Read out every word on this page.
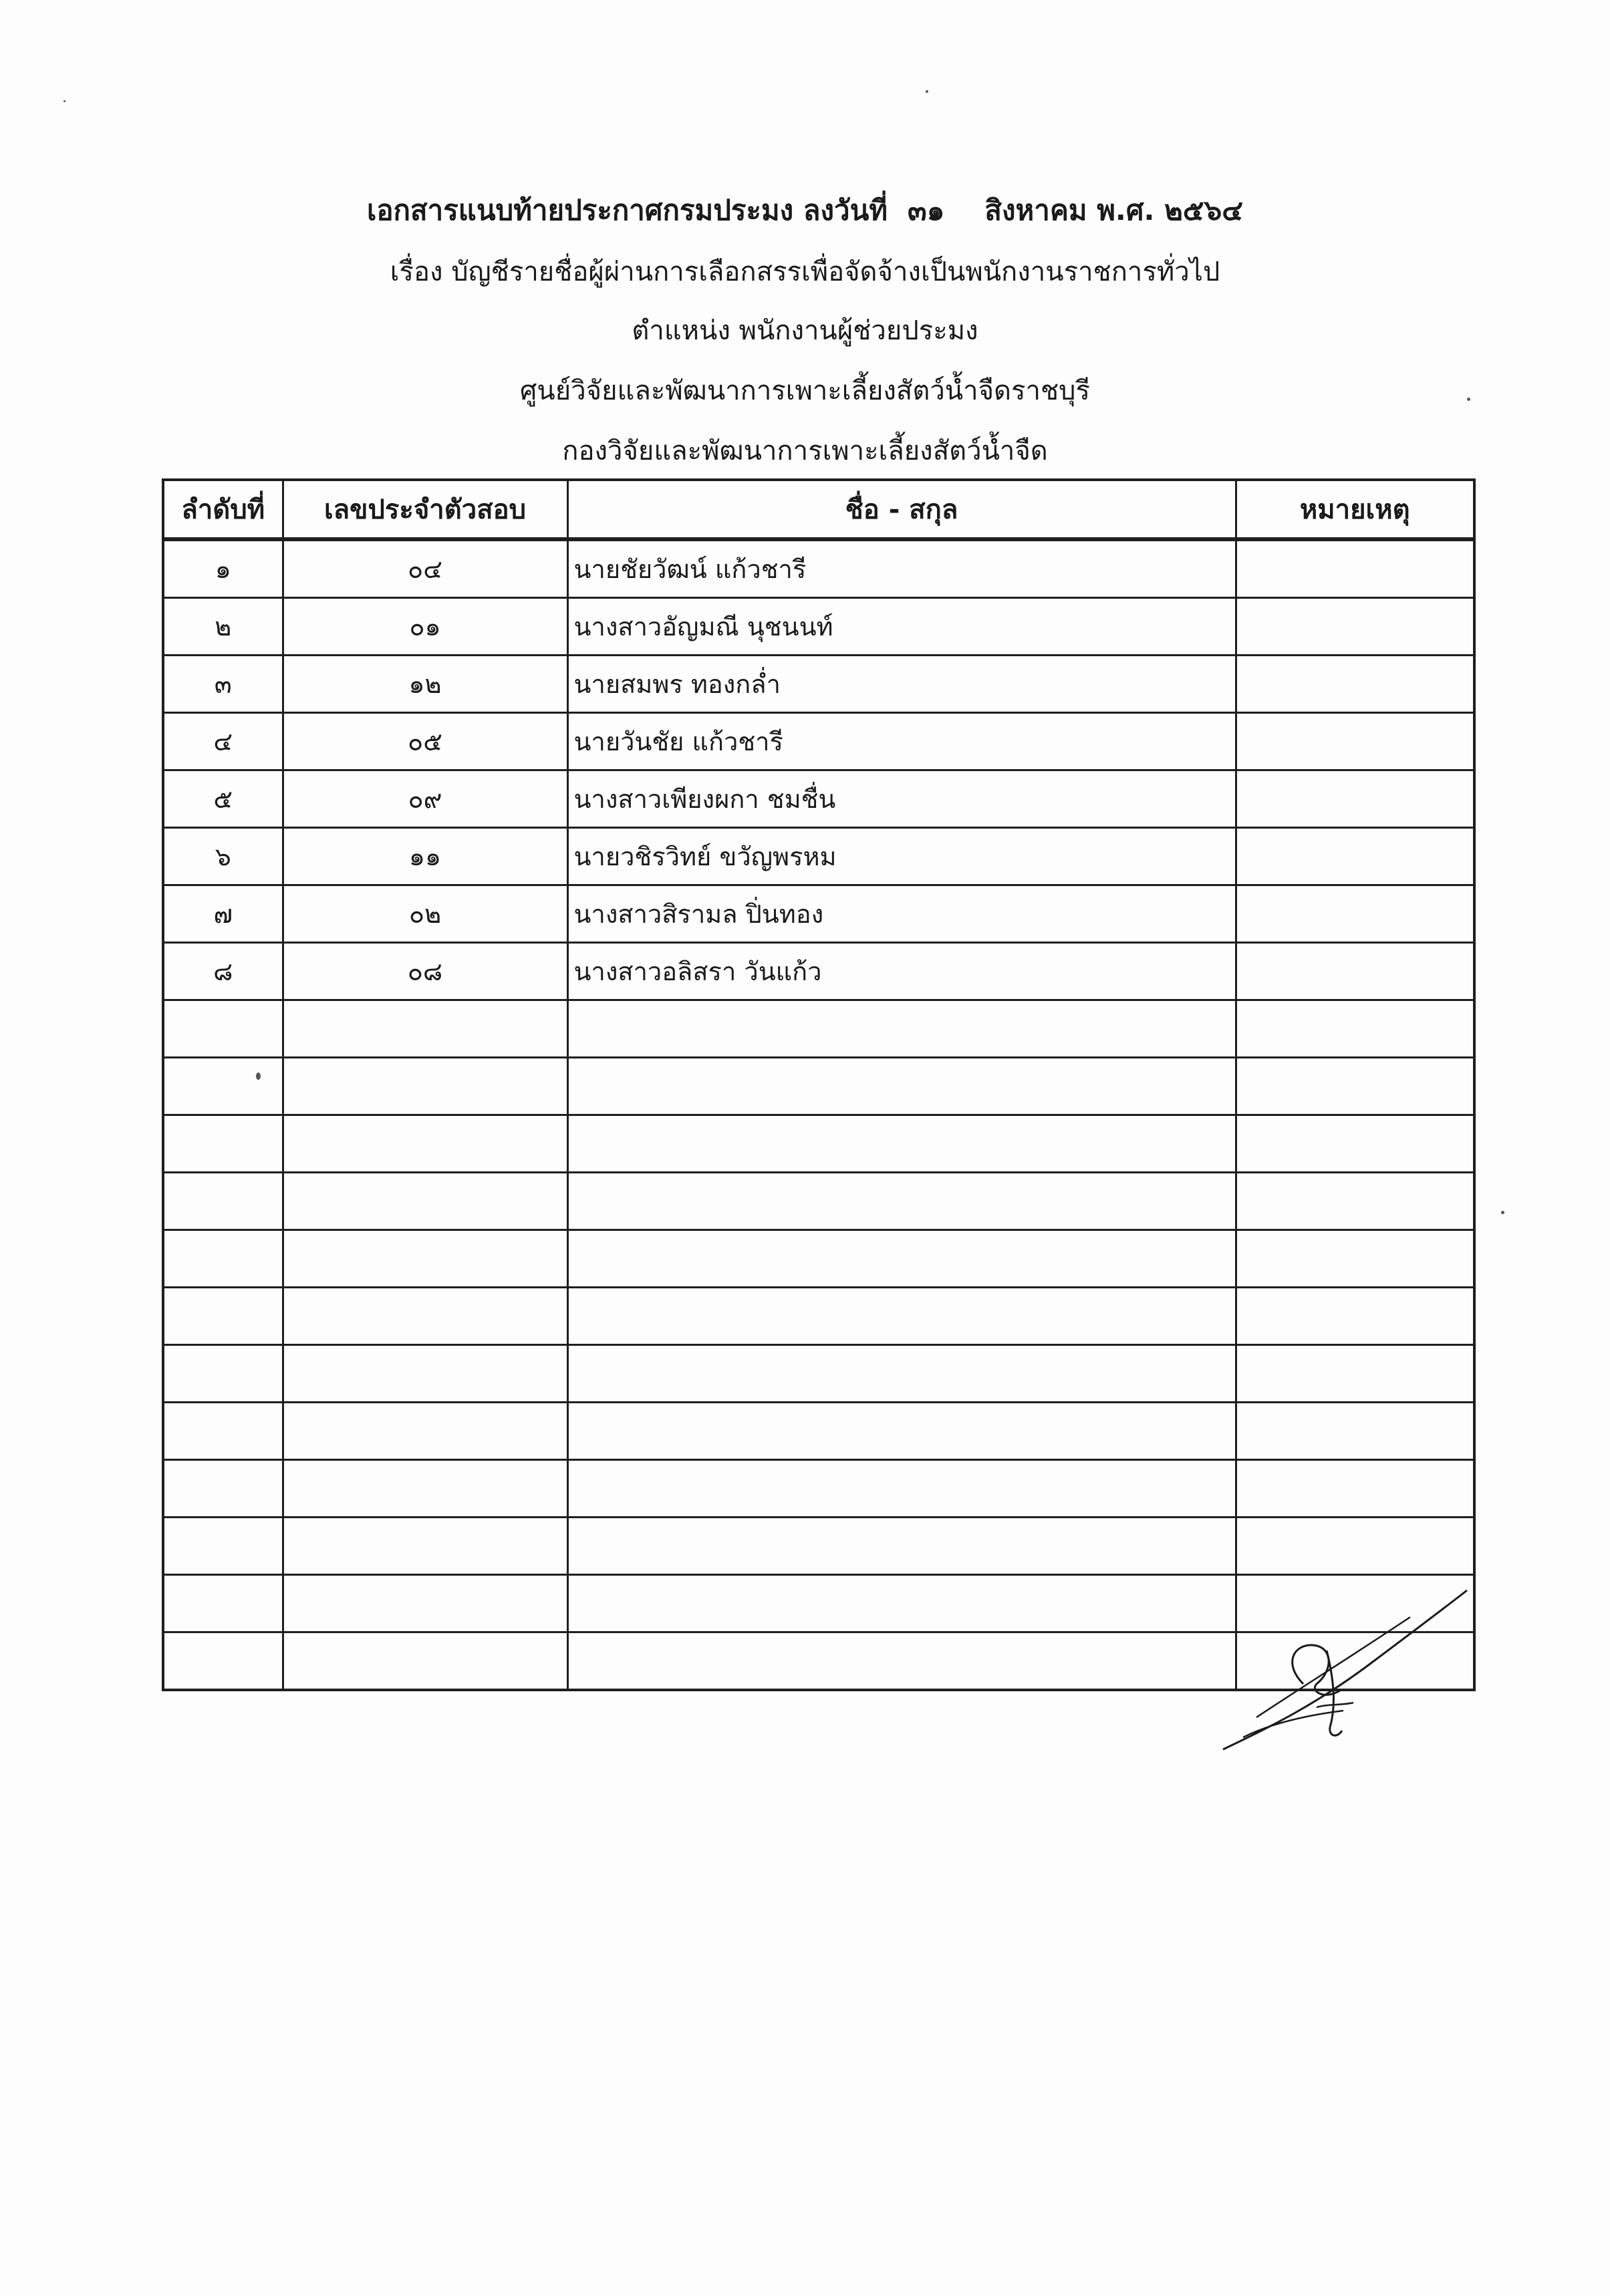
เอกสารแนบท้ายประกาศกรมประมง ลงวันที่ ๓๑ สิงหาคม พ.ศ. ๒๕๖๔
เรื่อง บัญชีรายชื่อผู้ผ่านการเลือกสรรเพื่อจัดจ้างเป็นพนักงานราชการทั่วไป
ตำแหน่ง พนักงานผู้ช่วยประมง
ศูนย์วิจัยและพัฒนาการเพาะเลี้ยงสัตว์น้ำจืดราชบุรี
กองวิจัยและพัฒนาการเพาะเลี้ยงสัตว์น้ำจืด
ลำดับที่	เลขประจำตัวสอบ	ชื่อ - สกุล	หมายเหตุ
๑	๐๔	นายชัยวัฒน์ แก้วชารี	
๒	๐๑	นางสาวอัญมณี นุชนนท์	
๓	๑๒	นายสมพร ทองกล่ำ	
๔	๐๕	นายวันชัย แก้วชารี	
๕	๐๙	นางสาวเพียงผกา ชมชื่น	
๖	๑๑	นายวชิรวิทย์ ขวัญพรหม	
๗	๐๒	นางสาวสิรามล ปิ่นทอง	
๘	๐๘	นางสาวอลิสรา วันแก้ว	
